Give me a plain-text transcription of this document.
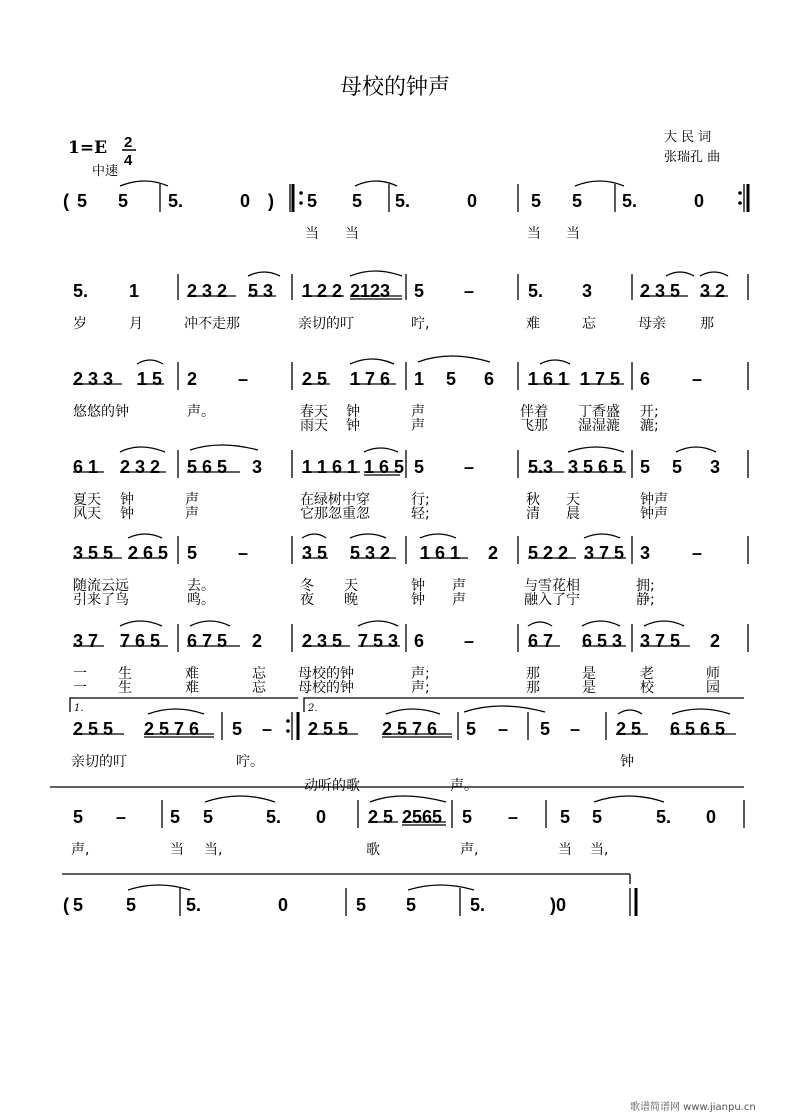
母校的钟声
1=E 2
4
中速
大 民 词
张瑞孔 曲
( 5 5 5.	0 ) 5 5 5.	0	5 5 5.	0
5. 1	2 3 2 5 3 1 2 2 2123 5 –	5. 3	2 3 5 3 2
2 3 3 1 5 2 –	2 5 1 7 6 1 5 6 1 6 1 1 7 5 6 –
6 1 2 3 2 5 6 5 3 1 1 6 1 1 6 5 5 –	5.3 3 5 6 5 5 5 3
3 5 5 2 6 5 5 –	3 5 5 3 2 1 6 1 2 5 2 2 3 7 5 3 –
3 7 7 6 5 6 7 5 2 2 3 5 7 5 3 6 –	6 7 6 5 3 3 7 5 2
2 5 5 2 5 7 6 5 – 2 5 5 2 5 7 6 5 – 5 – 2 5 6 5 6 5
5 – 5 5	5. 0 2 5 2565 5 – 5 5	5. 0
( 5 5	5.	0	5 5	5.	)0
当 当	当 当
岁	月	冲不走那	亲切的叮	咛,	难	忘	母亲 那
悠悠的钟	声。	春天 钟	声	伴着 丁香盛 开;
雨天 钟	声	飞那 湿湿漉 漉;
夏天 钟	声	在绿树中穿	行;	秋 天	钟声
风天 钟	声	它那忽重忽	轻;	清 晨	钟声
随流云远	去。	冬 天	钟 声	与雪花相	拥;
引来了鸟	鸣。	夜 晚	钟 声	融入了宁	静;
一 生	难	忘 母校的钟	声;	那	是	老	师
一 生	难	忘 母校的钟	声;	那	是	校	园
亲切的叮	咛。	钟
动听的歌	声。
声,	当 当,	歌	声,	当 当,
1.	2.
歌谱简谱网 www.jianpu.cn
